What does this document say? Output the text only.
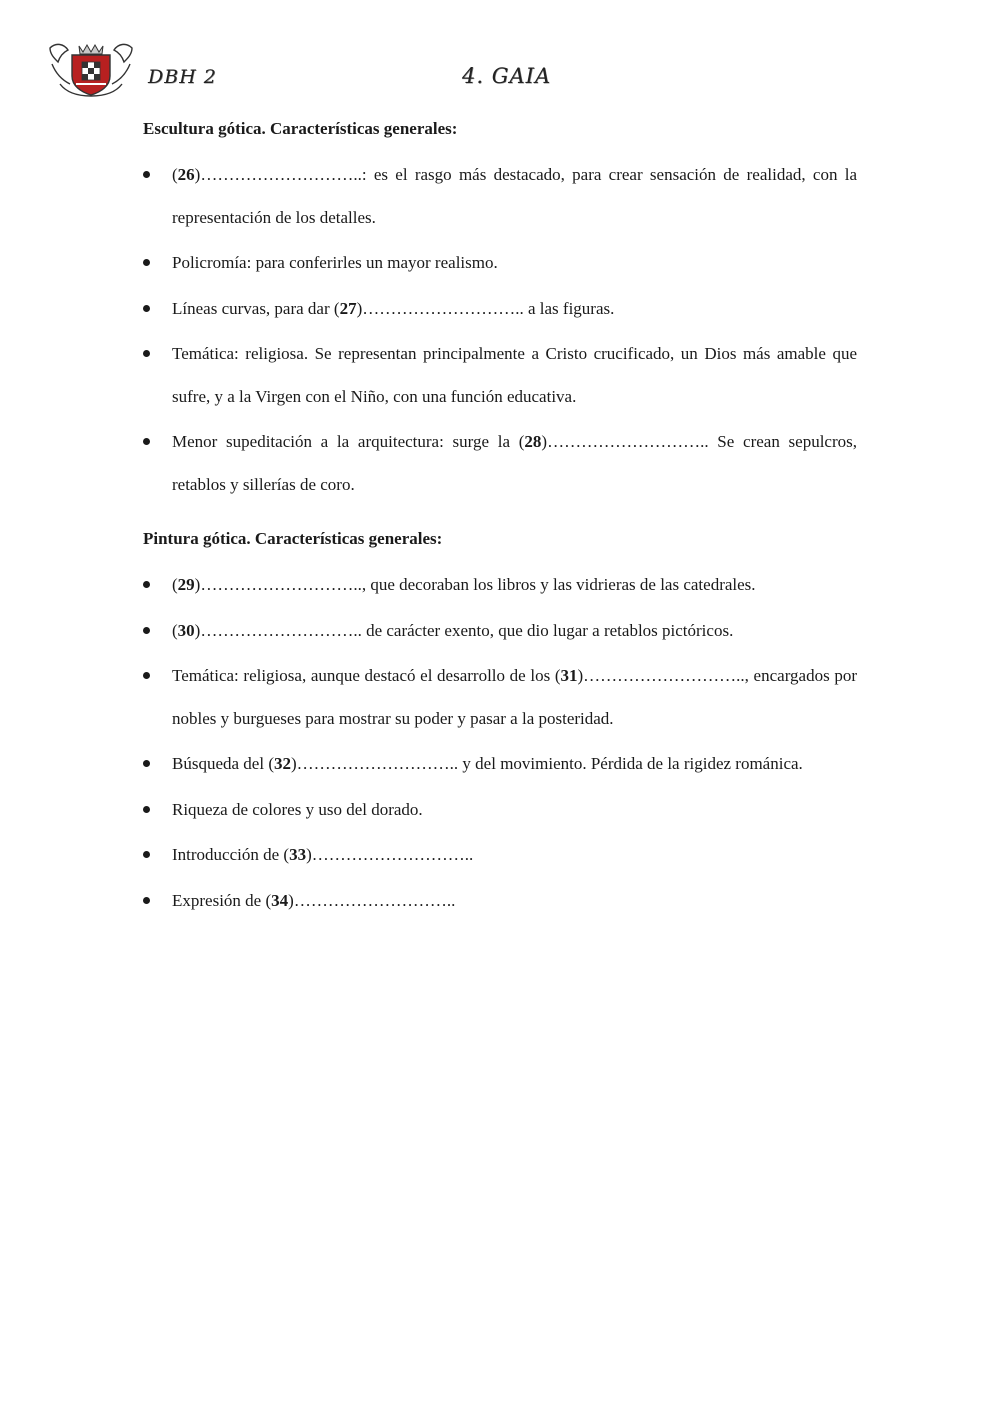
DBH 2	4. GAIA
Escultura gótica. Características generales:
(26)………………………..: es el rasgo más destacado, para crear sensación de realidad, con la representación de los detalles.
Policromía: para conferirles un mayor realismo.
Líneas curvas, para dar (27)……………………….. a las figuras.
Temática: religiosa. Se representan principalmente a Cristo crucificado, un Dios más amable que sufre, y a la Virgen con el Niño, con una función educativa.
Menor supeditación a la arquitectura: surge la (28)……………………….. Se crean sepulcros, retablos y sillerías de coro.
Pintura gótica. Características generales:
(29)……………………….., que decoraban los libros y las vidrieras de las catedrales.
(30)……………………….. de carácter exento, que dio lugar a retablos pictóricos.
Temática: religiosa, aunque destacó el desarrollo de los (31)……………………….., encargados por nobles y burgueses para mostrar su poder y pasar a la posteridad.
Búsqueda del (32)……………………….. y del movimiento. Pérdida de la rigidez románica.
Riqueza de colores y uso del dorado.
Introducción de (33)………………………..
Expresión de (34)………………………..
